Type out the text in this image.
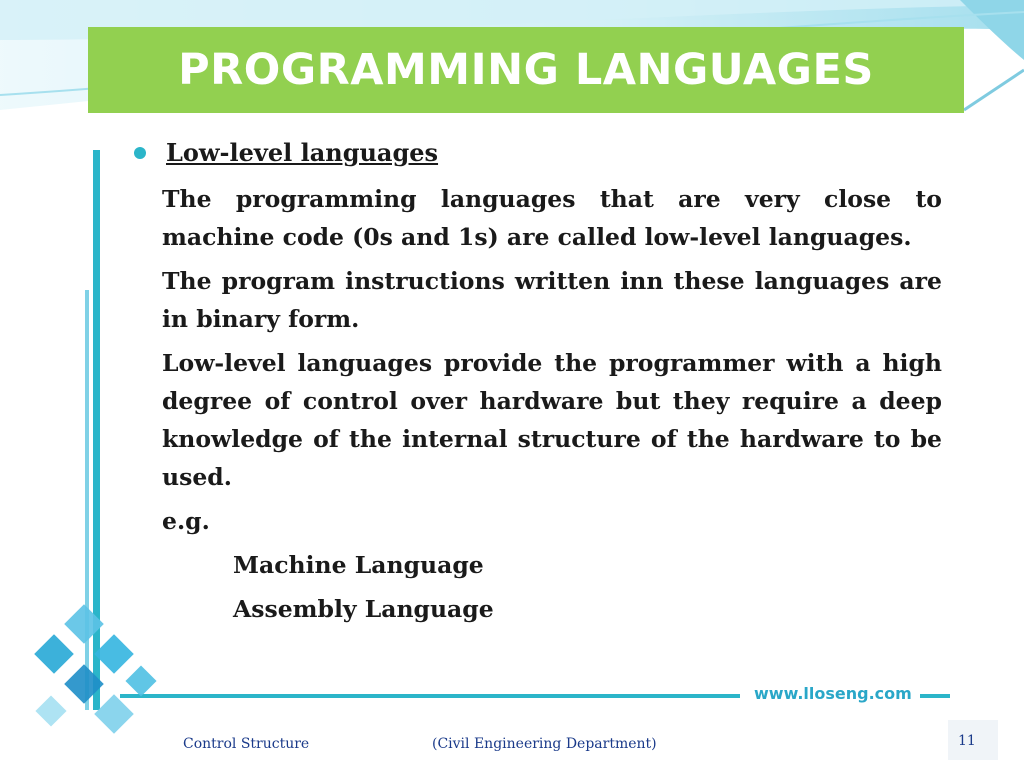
PROGRAMMING LANGUAGES
Low-level languages
The programming languages that are very close to machine code (0s and 1s) are called low-level languages.
The program instructions written inn these languages are in binary form.
Low-level languages provide the programmer with a high degree of control over hardware but they require a deep knowledge of the internal structure of the hardware to be used.
e.g.
Machine Language
Assembly Language
www.lloseng.com
Control Structure	(Civil Engineering Department)	11
